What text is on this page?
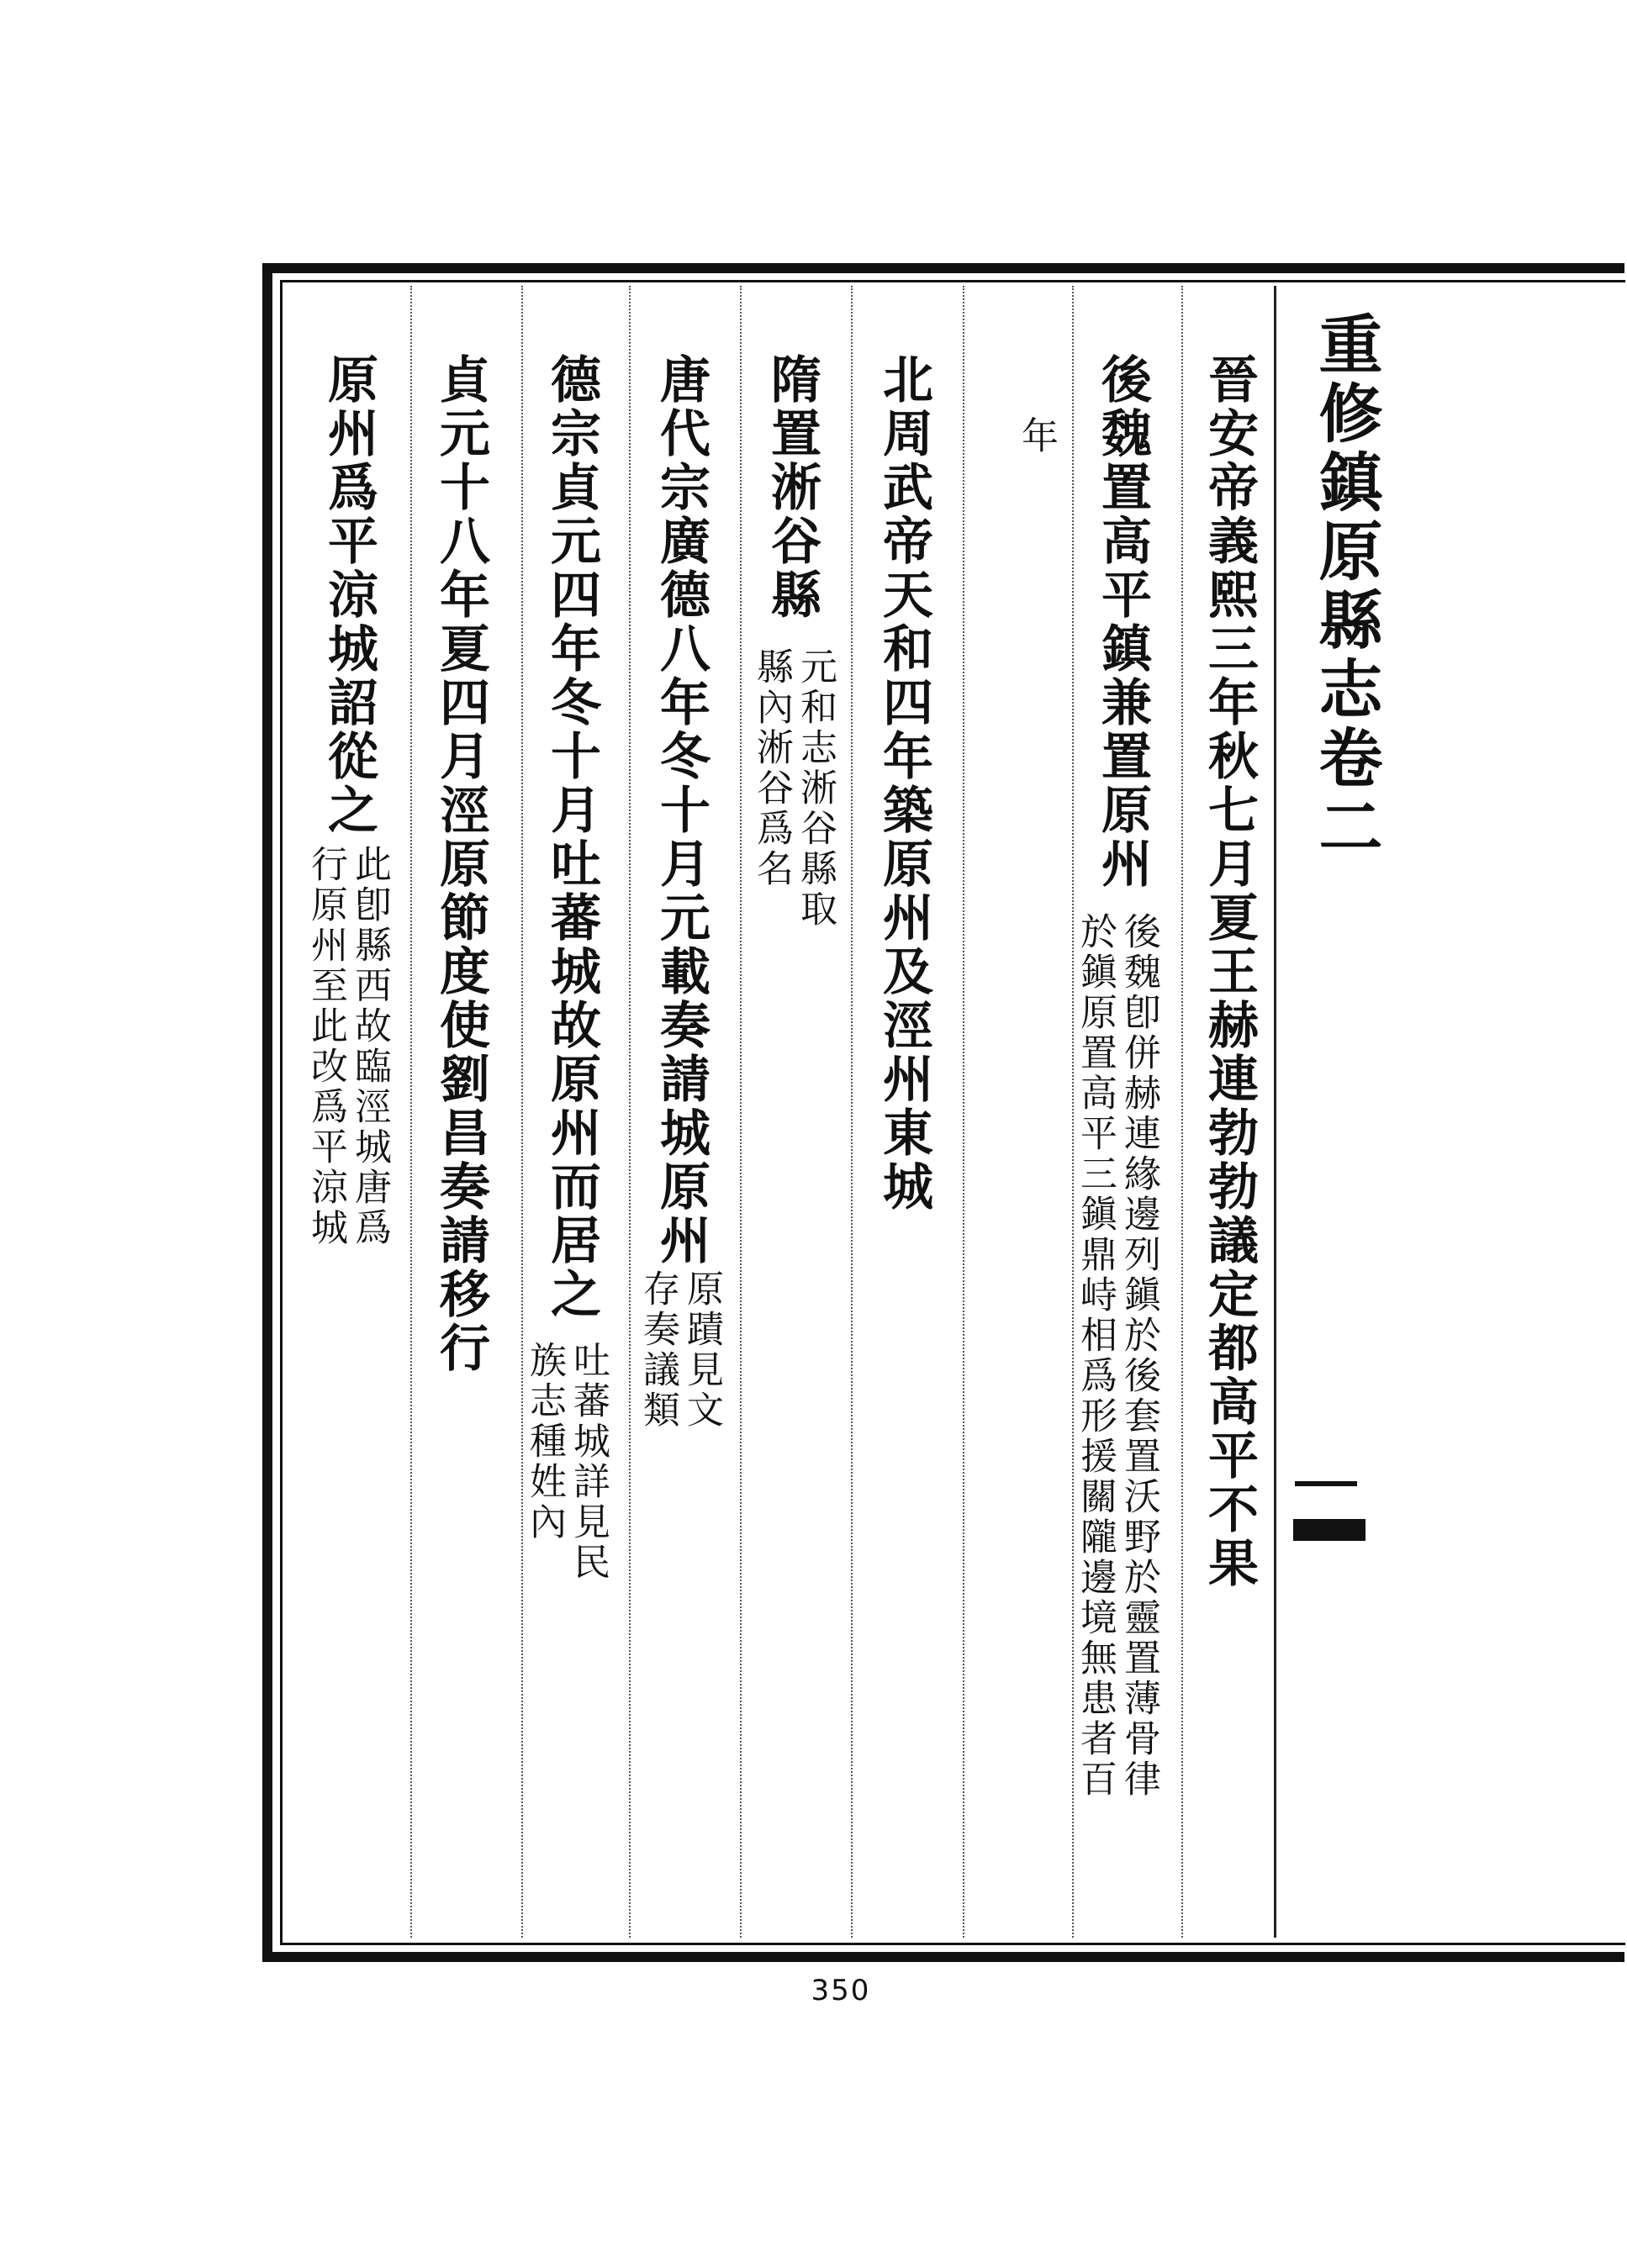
重修鎮原縣志卷二
晉安帝義熙三年秋七月夏王赫連勃勃議定都高平不果
後魏置高平鎮兼置原州
後魏卽併赫連緣邊列鎭於後套置沃野於靈置薄骨律
於鎭原置高平三鎭鼎峙相爲形援關隴邊境無患者百
年
北周武帝天和四年築原州及涇州東城
隋置淅谷縣
元和志淅谷縣取
縣內淅谷爲名
唐代宗廣德八年冬十月元載奏請城原州
原蹟見文
存奏議類
德宗貞元四年冬十月吐蕃城故原州而居之
吐蕃城詳見民
族志種姓內
貞元十八年夏四月涇原節度使劉昌奏請移行
原州爲平涼城詔從之
此卽縣西故臨涇城唐爲
行原州至此改爲平涼城
350
